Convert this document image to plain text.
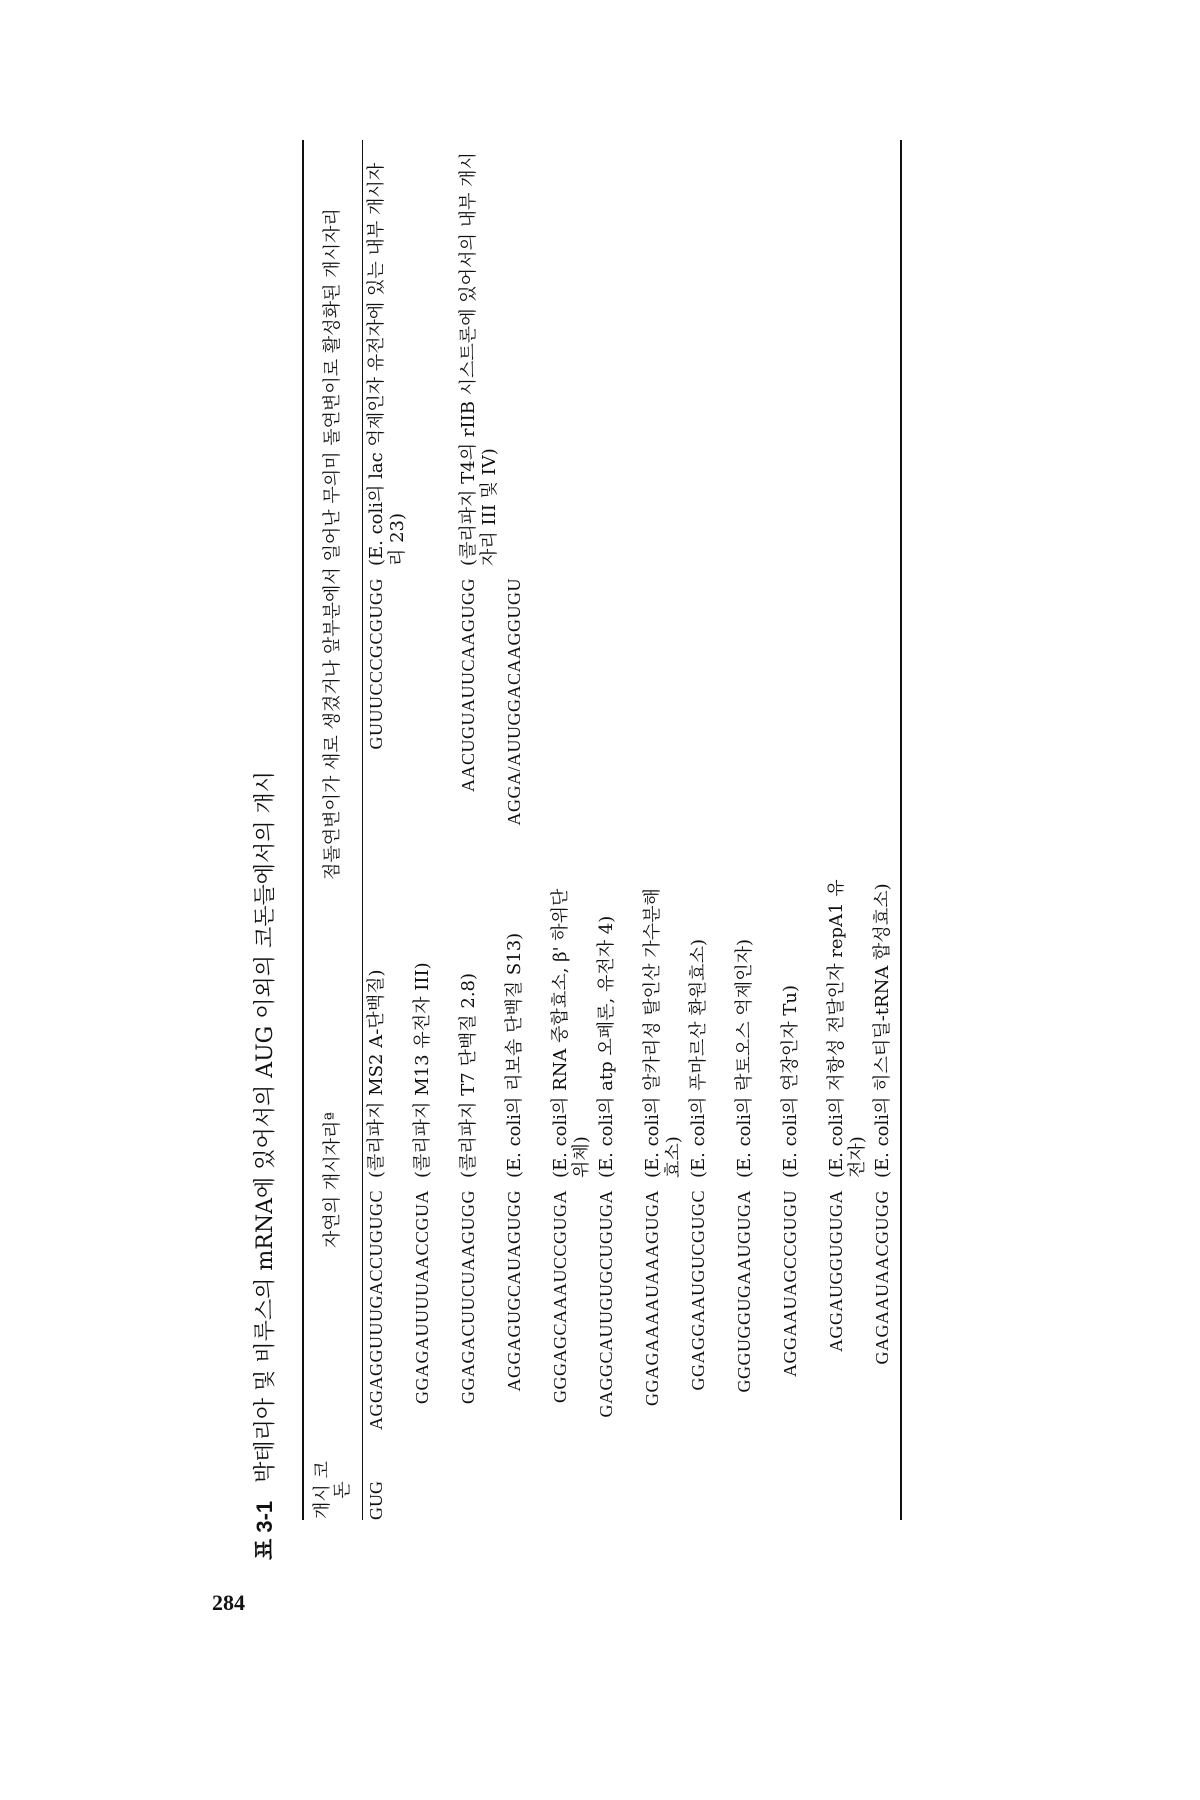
284
표 3-1박테리아 및 비루스의 mRNA에 있어서의 AUG 이외의 코돈들에서의 개시
개시 코돈
자연의 개시자리ª
점돌연변이가 새로 생겼거나 앞부분에서 일어난 무의미 돌연변이로 활성화된 개시자리
GUG
AGGAGGUUUGACCUGUGC
(콜리파지 MS2 A-단백질)
GUUUCCCGCGUGG
(E. coli의 lac 억제인자 유전자에 있는 내부 개시자리 23)
GGAGAUUUUAACCGUA
(콜리파지 M13 유전자 III)
GGAGACUUCUAAGUGG
(콜리파지 T7 단백질 2.8)
AACUGUAUUCAAGUGG
(콜리파지 T4의 rIIB 시스트론에 있어서의 내부 개시자리 III 및 IV)
AGGAGUGCAUAGUGG
(E. coli의 리보솜 단백질 S13)
AGGA/AUUGGACAAGGUGU
GGGAGCAAAUCCGUGA
(E. coli의 RNA 중합효소, β' 하위단위체)
GAGGCAUUGUGCUGUGA
(E. coli의 atp 오페론, 유전자 4)
GGAGAAAAUAAAGUGA
(E. coli의 알카리성 탈인산 가수분해효소)
GGAGGAAUGUCGUGC
(E. coli의 푸마르산 환원효소)
GGGUGGUGAAUGUGA
(E. coli의 락토오스 억제인자)
AGGAAUAGCCGUGU
(E. coli의 연장인자 Tu)
AGGAUGGUGUGA
(E. coli의 저항성 전달인자 repA1 유전자)
GAGAAUAACGUGG
(E. coli의 히스티딜-tRNA 합성효소)
